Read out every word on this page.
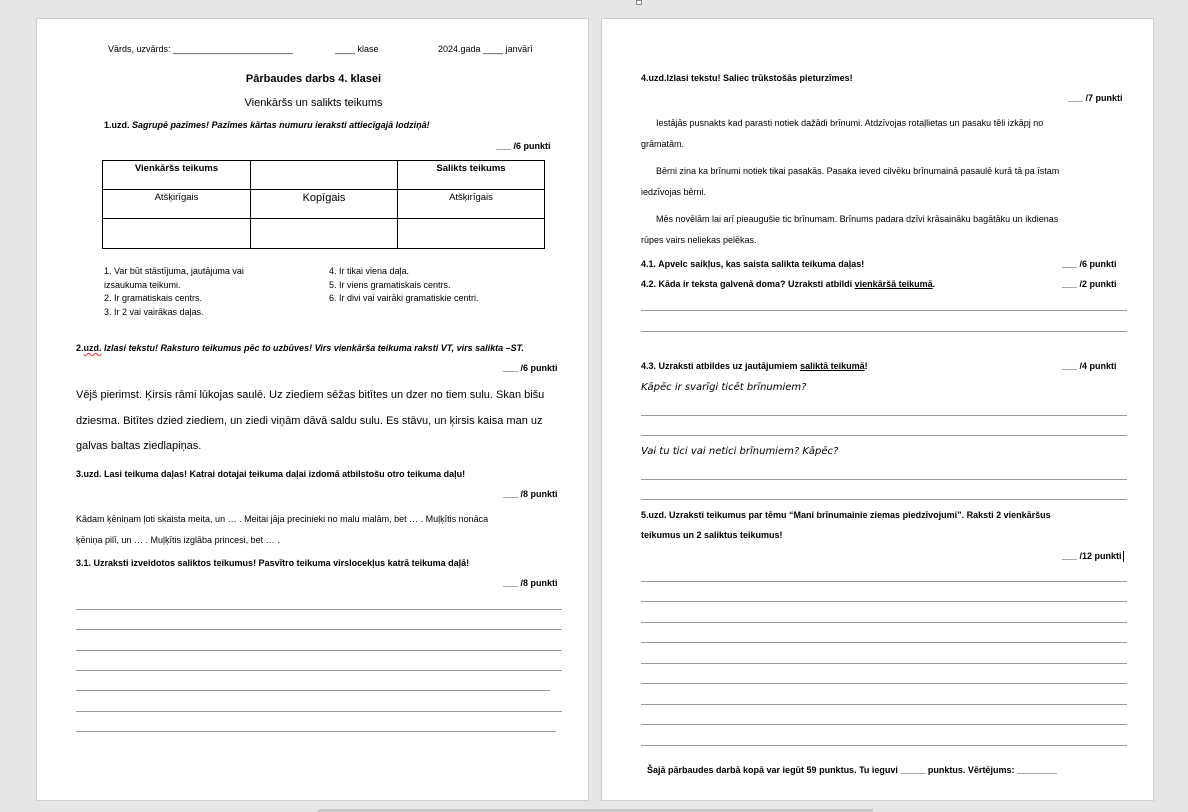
Vārds, uzvārds: ________________________	____ klase	2024.gada ____ janvārī
Pārbaudes darbs 4. klasei
Vienkāršs un salikts teikums
1.uzd. Sagrupē pazīmes! Pazīmes kārtas numuru ieraksti attiecīgajā lodziņā!
___ /6 punkti
Vienkāršs teikums		Salikts teikums
Atšķirīgais	Kopīgais	Atšķirīgais

1. Var būt stāstījuma, jautājuma vai
izsaukuma teikumi.
2. Ir gramatiskais centrs.
3. Ir 2 vai vairākas daļas.
4. Ir tikai viena daļa.
5. Ir viens gramatiskais centrs.
6. Ir divi vai vairāki gramatiskie centri.
2.uzd. Izlasi tekstu! Raksturo teikumus pēc to uzbūves! Virs vienkārša teikuma raksti VT, virs salikta –ST.
___ /6 punkti
Vējš pierimst. Ķirsis rāmi lūkojas saulē. Uz ziediem sēžas bitītes un dzer no tiem sulu. Skan bišu
dziesma. Bitītes dzied ziediem, un ziedi viņām dāvā saldu sulu. Es stāvu, un ķirsis kaisa man uz
galvas baltas ziedlapiņas.
3.uzd. Lasi teikuma daļas! Katrai dotajai teikuma daļai izdomā atbilstošu otro teikuma daļu!
___ /8 punkti
Kādam ķēniņam ļoti skaista meita, un … . Meitai jāja precinieki no malu malām, bet … . Muļķītis nonāca
ķēniņa pilī, un … . Muļķītis izglāba princesi, bet … .
3.1. Uzraksti izveidotos saliktos teikumus! Pasvītro teikuma virslocekļus katrā teikuma daļā!
___ /8 punkti
4.uzd.Izlasi tekstu! Saliec trūkstošās pieturzīmes!
___ /7 punkti
Iestājās pusnakts kad parasti notiek dažādi brīnumi. Atdzīvojas rotaļlietas un pasaku tēli izkāpj no
grāmatām.
Bērni zina ka brīnumi notiek tikai pasakās. Pasaka ieved cilvēku brīnumainā pasaulē kurā tā pa īstam
iedzīvojas bērni.
Mēs novēlām lai arī pieaugušie tic brīnumam. Brīnums padara dzīvi krāsaināku bagātāku un ikdienas
rūpes vairs neliekas pelēkas.
4.1. Apvelc saikļus, kas saista salikta teikuma daļas!	___ /6 punkti
4.2. Kāda ir teksta galvenā doma? Uzraksti atbildi vienkāršā teikumā.	___ /2 punkti
4.3. Uzraksti atbildes uz jautājumiem saliktā teikumā!	___ /4 punkti
Kāpēc ir svarīgi ticēt brīnumiem?
Vai tu tici vai netici brīnumiem? Kāpēc?
5.uzd. Uzraksti teikumus par tēmu “Mani brīnumainie ziemas piedzīvojumi”. Raksti 2 vienkāršus
teikumus un 2 saliktus teikumus!
___ /12 punkti
Šajā pārbaudes darbā kopā var iegūt 59 punktus. Tu ieguvi _____ punktus. Vērtējums: ________
